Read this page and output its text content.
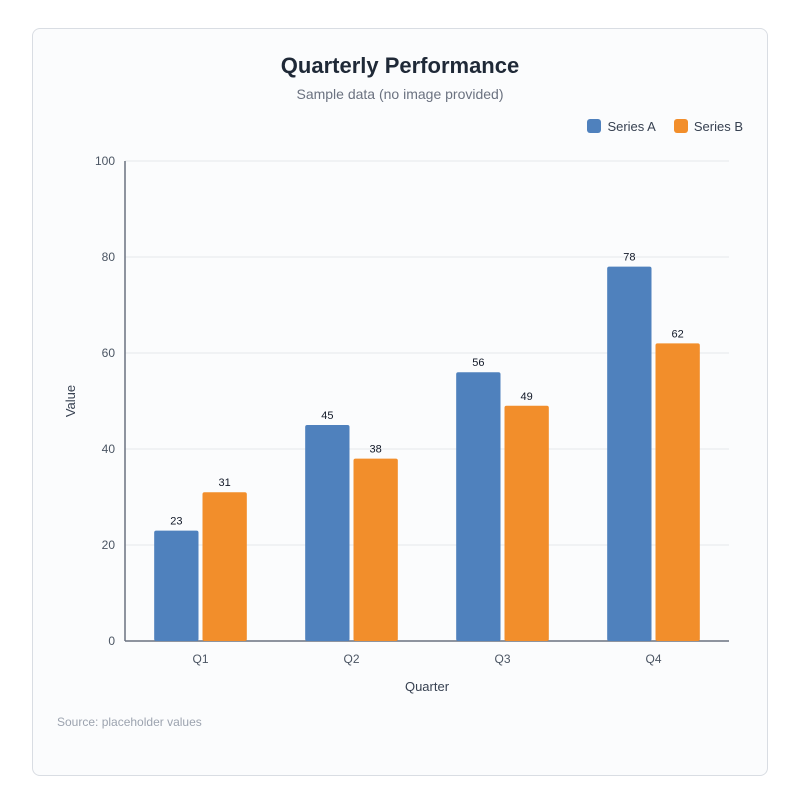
Quarterly Performance
Sample data (no image provided)
Series A	Series B
0
20
40
60
80
100
23
31
Q1
45
38
Q2
56
49
Q3
78
62
Q4
Quarter
Value
Source: placeholder values
